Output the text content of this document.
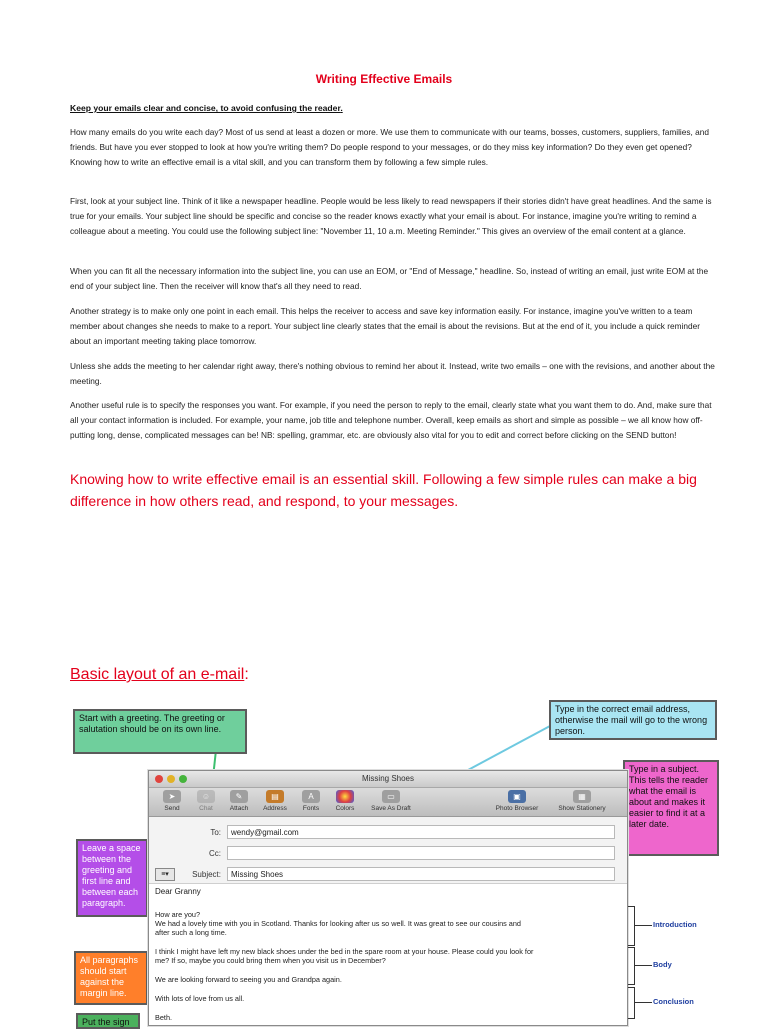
Writing Effective Emails
Keep your emails clear and concise, to avoid confusing the reader.

How many emails do you write each day? Most of us send at least a dozen or more. We use them to communicate with our teams, bosses, customers, suppliers, families, and friends. But have you ever stopped to look at how you're writing them? Do people respond to your messages, or do they miss key information? Do they even get opened? Knowing how to write an effective email is a vital skill, and you can transform them by following a few simple rules.

First, look at your subject line. Think of it like a newspaper headline. People would be less likely to read newspapers if their stories didn't have great headlines. And the same is true for your emails. Your subject line should be specific and concise so the reader knows exactly what your email is about. For instance, imagine you're writing to remind a colleague about a meeting. You could use the following subject line: "November 11, 10 a.m. Meeting Reminder." This gives an overview of the email content at a glance.

When you can fit all the necessary information into the subject line, you can use an EOM, or "End of Message," headline. So, instead of writing an email, just write EOM at the end of your subject line. Then the receiver will know that's all they need to read.

Another strategy is to make only one point in each email. This helps the receiver to access and save key information easily. For instance, imagine you've written to a team member about changes she needs to make to a report. Your subject line clearly states that the email is about the revisions. But at the end of it, you include a quick reminder about an important meeting taking place tomorrow.

Unless she adds the meeting to her calendar right away, there's nothing obvious to remind her about it. Instead, write two emails – one with the revisions, and another about the meeting.

Another useful rule is to specify the responses you want. For example, if you need the person to reply to the email, clearly state what you want them to do. And, make sure that all your contact information is included. For example, your name, job title and telephone number. Overall, keep emails as short and simple as possible – we all know how off-putting long, dense, complicated messages can be! NB: spelling, grammar, etc. are obviously also vital for you to edit and correct before clicking on the SEND button!

Knowing how to write effective email is an essential skill. Following a few simple rules can make a big difference in how others read, and respond, to your messages.

Basic layout of an e-mail:
Start with a greeting. The greeting or salutation should be on its own line.
Type in the correct email address, otherwise the mail will go to the wrong person.
Type in a subject. This tells the reader what the email is about and makes it easier to find it at a later date.
Leave a space between the greeting and first line and between each paragraph.
All paragraphs should start against the margin line.
Put the sign
Missing Shoes
➤
Send
☺
Chat
✎
Attach
▤
Address
A
Fonts	Colors
▭
Save As Draft
▣
Photo Browser
▦
Show Stationery
To:	wendy@gmail.com
Cc:
≡▾	Subject:	Missing Shoes
Dear Granny
How are you?
We had a lovely time with you in Scotland. Thanks for looking after us so well. It was great to see our cousins and
after such a long time.
I think I might have left my new black shoes under the bed in the spare room at your house. Please could you look for
me? If so, maybe you could bring them when you visit us in December?
We are looking forward to seeing you and Grandpa again.
With lots of love from us all.
Beth.
Introduction
Body
Conclusion
